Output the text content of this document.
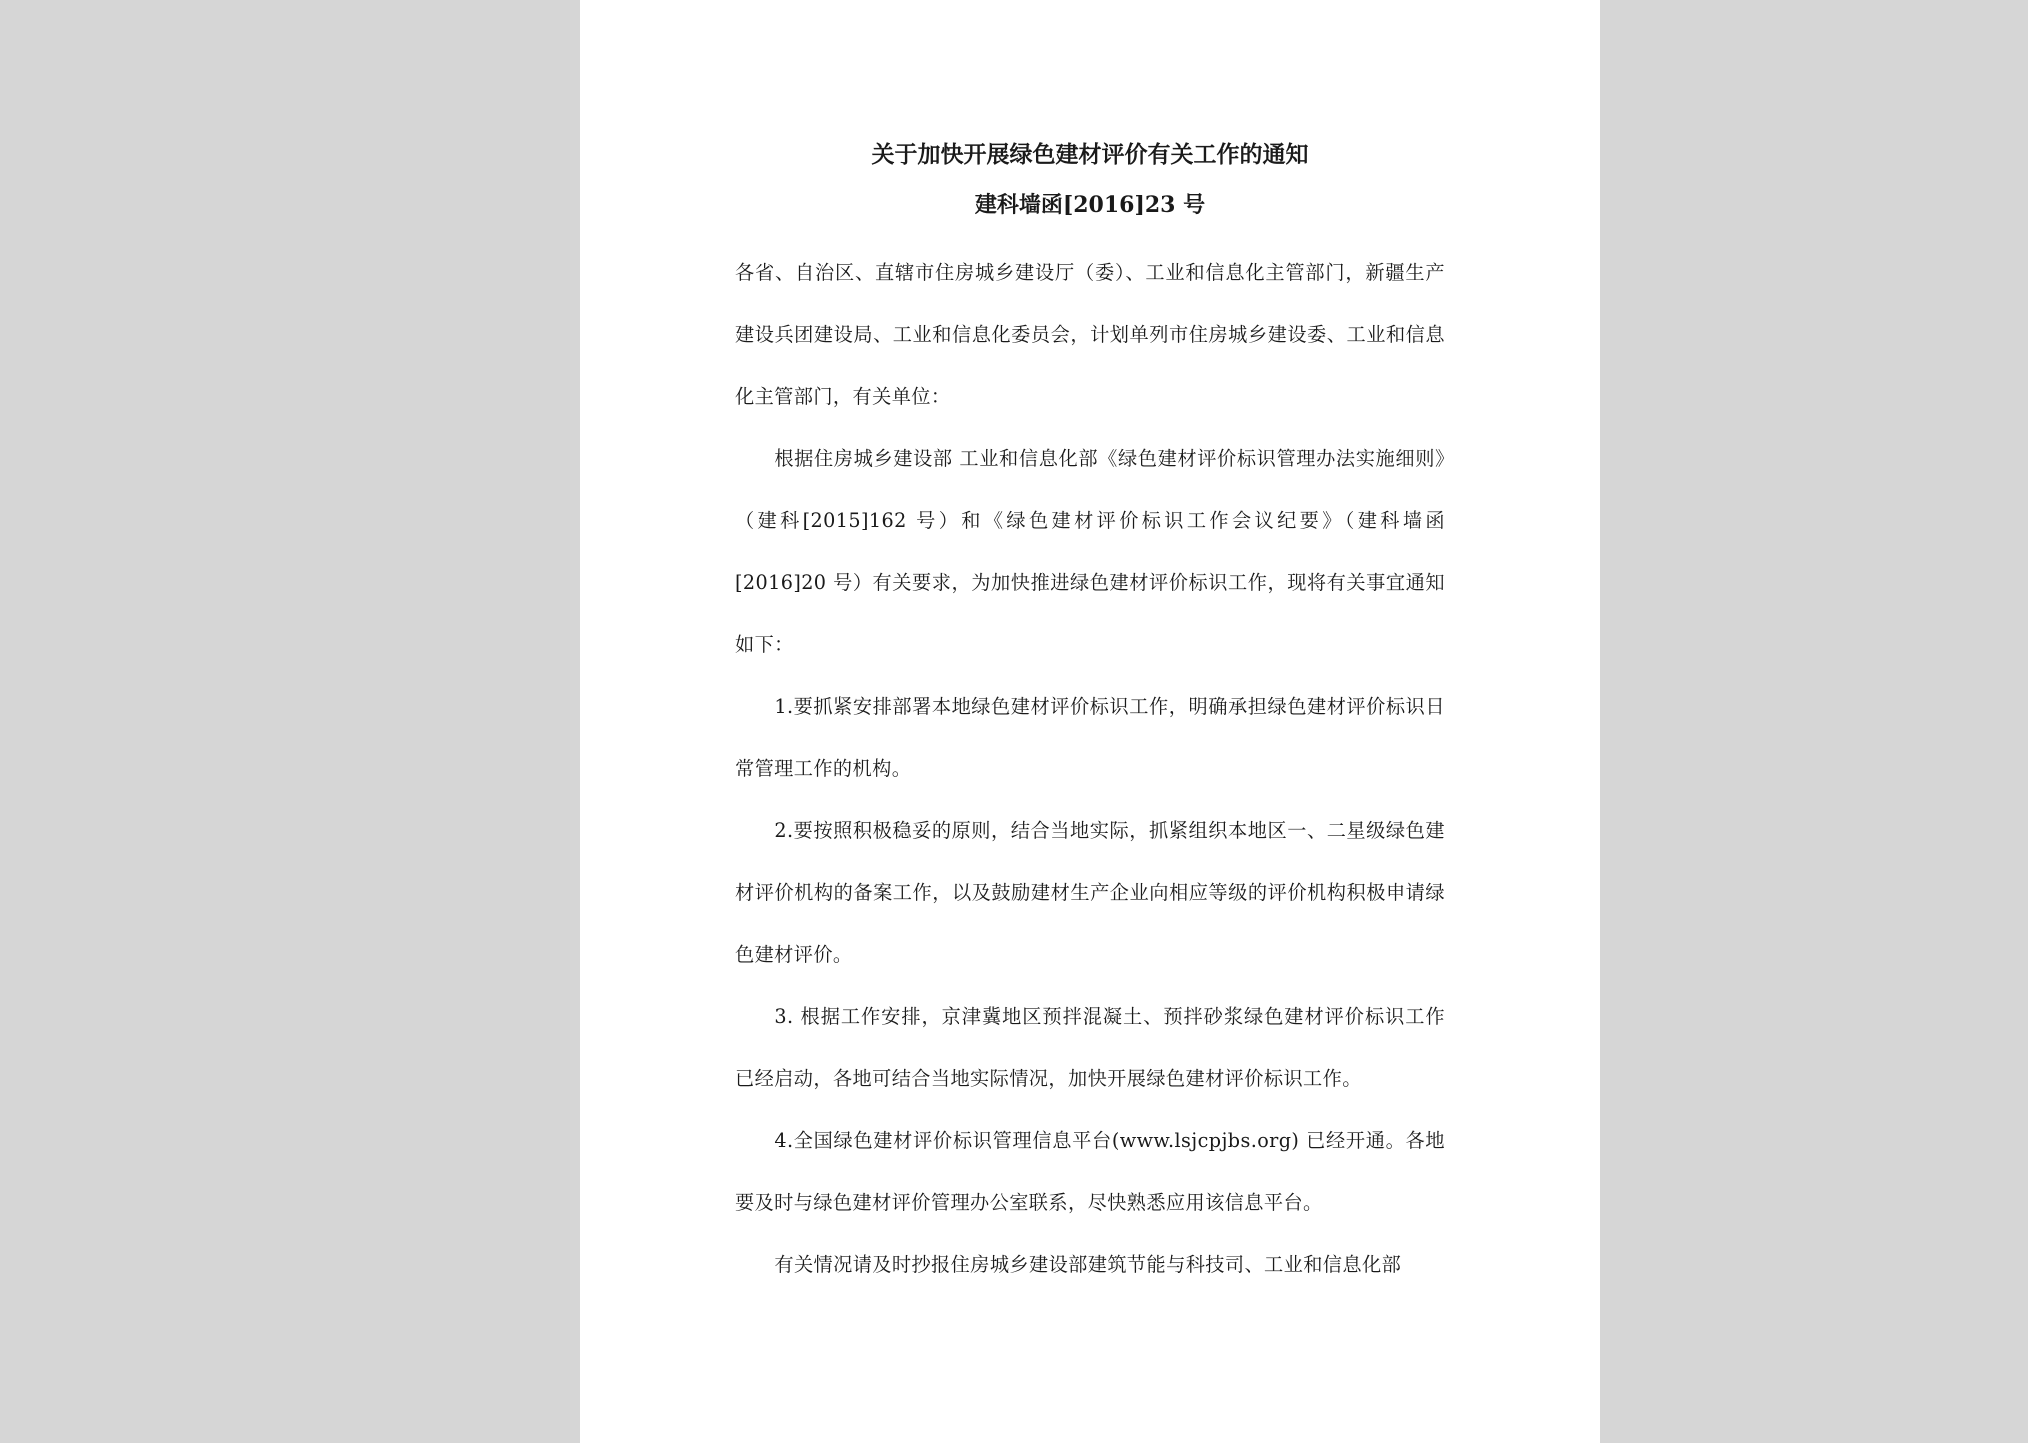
关于加快开展绿色建材评价有关工作的通知

建科墙函[2016]23 号

各省、自治区、直辖市住房城乡建设厅（委）、工业和信息化主管部门，新疆生产建设兵团建设局、工业和信息化委员会，计划单列市住房城乡建设委、工业和信息化主管部门，有关单位：

根据住房城乡建设部 工业和信息化部《绿色建材评价标识管理办法实施细则》（建科[2015]162 号）和《绿色建材评价标识工作会议纪要》（建科墙函[2016]20 号）有关要求，为加快推进绿色建材评价标识工作，现将有关事宜通知如下：

1.要抓紧安排部署本地绿色建材评价标识工作，明确承担绿色建材评价标识日常管理工作的机构。

2.要按照积极稳妥的原则，结合当地实际，抓紧组织本地区一、二星级绿色建材评价机构的备案工作，以及鼓励建材生产企业向相应等级的评价机构积极申请绿色建材评价。

3. 根据工作安排，京津冀地区预拌混凝土、预拌砂浆绿色建材评价标识工作已经启动，各地可结合当地实际情况，加快开展绿色建材评价标识工作。

4.全国绿色建材评价标识管理信息平台(www.lsjcpjbs.org) 已经开通。各地要及时与绿色建材评价管理办公室联系，尽快熟悉应用该信息平台。

有关情况请及时抄报住房城乡建设部建筑节能与科技司、工业和信息化部
